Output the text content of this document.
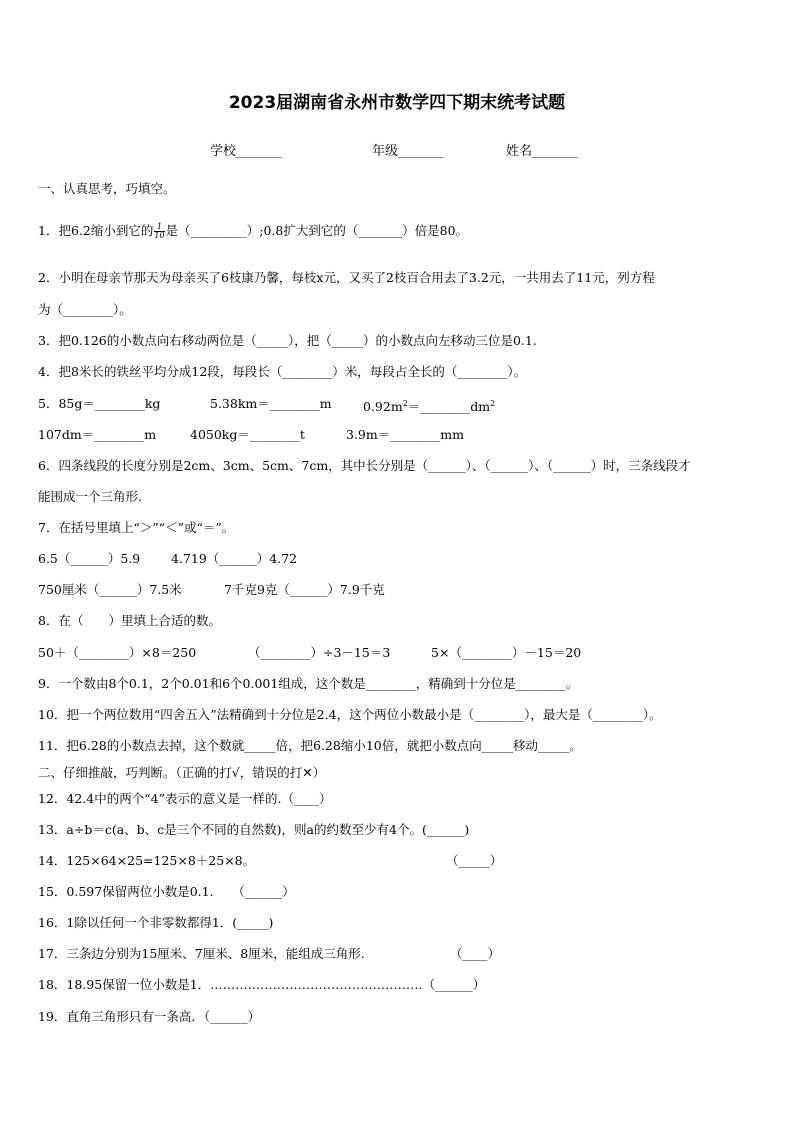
2023届湖南省永州市数学四下期末统考试题
学校_______	年级_______	姓名_______
一、认真思考，巧填空。
1．把6.2缩小到它的 $\frac{1}{10}$ 是（_________）;0.8扩大到它的（_______）倍是80。
2．小明在母亲节那天为母亲买了6枝康乃馨，每枝x元，又买了2枝百合用去了3.2元，一共用去了11元，列方程
为（________）。
3．把0.126的小数点向右移动两位是（_____），把（_____）的小数点向左移动三位是0.1.
4．把8米长的铁丝平均分成12段，每段长（________）米，每段占全长的（________）。
5．85g＝________kg	5.38km＝________m	$0.92m^2=\_\_\_\_\_\_\_\_dm^2$
107dm＝________m	4050kg＝________t	3.9m＝________mm
6．四条线段的长度分别是2cm、3cm、5cm、7cm，其中长分别是（______）、（______）、（______）时，三条线段才
能围成一个三角形.
7．在括号里填上“＞”“＜”或“＝”。
6.5（______）5.9 4.719（______）4.72
750厘米（______）7.5米	7千克9克（______）7.9千克
8．在（　　）里填上合适的数。
50＋（________）×8＝250	（________）÷3－15＝3	5×（________）－15＝20
9．一个数由8个0.1，2个0.01和6个0.001组成，这个数是________，精确到十分位是________。
10．把一个两位数用“四舍五入”法精确到十分位是2.4，这个两位小数最小是（________），最大是（________）。
11．把6.28的小数点去掉，这个数就_____倍，把6.28缩小10倍，就把小数点向_____移动_____。
二、仔细推敲，巧判断。（正确的打√，错误的打✕）
12．42.4中的两个“4”表示的意义是一样的.（____）
13．a÷b＝c(a、b、c是三个不同的自然数)，则a的约数至少有4个。(______)
14．125×64×25=125×8＋25×8。	（_____）
15．0.597保留两位小数是0.1.　　（______）
16．1除以任何一个非零数都得1．(_____)
17．三条边分别为15厘米、7厘米、8厘米，能组成三角形.	（____）
18．18.95保留一位小数是1．……………………………………………（______）
19．直角三角形只有一条高．（______）
